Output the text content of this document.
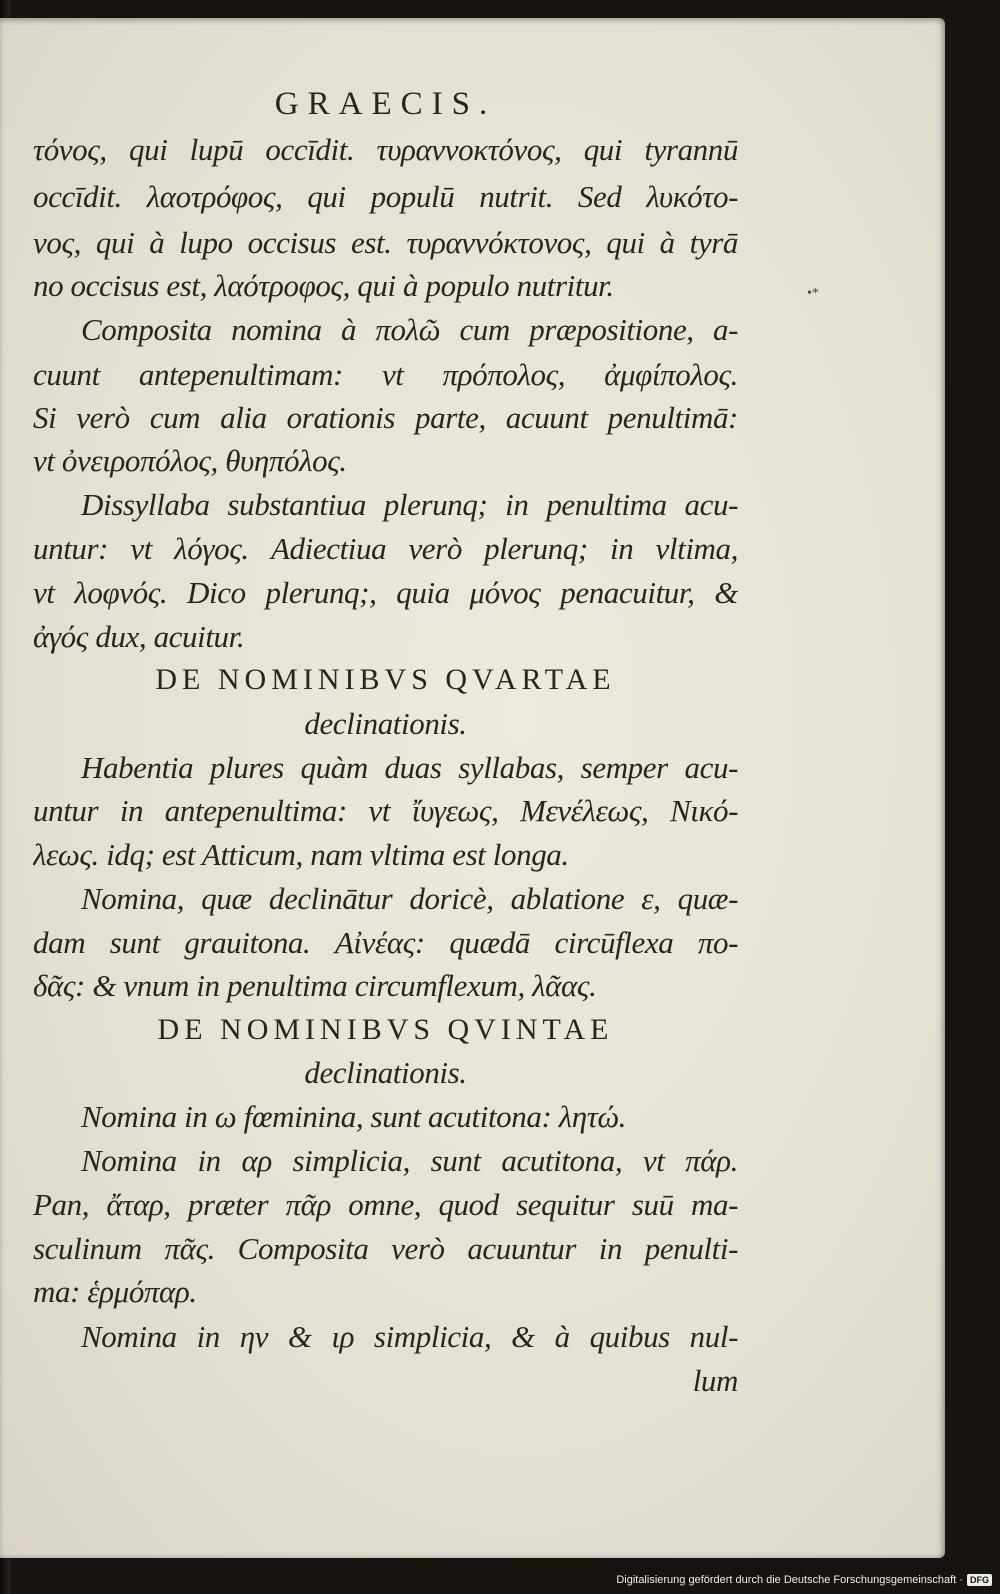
GRAECIS.
τόνος, qui lupū occīdit. τυραννοκτόνος, qui tyrannū
occīdit. λαοτρόφος, qui populū nutrit. Sed λυκότο-
νος, qui à lupo occisus est. τυραννόκτονος, qui à tyrā
no occisus est, λαότροφος, qui à populo nutritur.
Composita nomina à πολῶ cum præpositione, a-
cuunt antepenultimam: vt πρόπολος, ἀμφίπολος.
Si verò cum alia orationis parte, acuunt penultimā:
vt ὀνειροπόλος, θυηπόλος.
Dissyllaba substantiua plerunq; in penultima acu-
untur: vt λόγος. Adiectiua verò plerunq; in vltima,
vt λοφνός. Dico plerunq;, quia μόνος penacuitur, &
ἀγός dux, acuitur.
DE NOMINIBVS QVARTAE
declinationis.
Habentia plures quàm duas syllabas, semper acu-
untur in antepenultima: vt ἴυγεως, Μενέλεως, Νικό-
λεως. idq; est Atticum, nam vltima est longa.
Nomina, quæ declinātur doricè, ablatione ε, quæ-
dam sunt grauitona. Αἰνέας: quædā circūflexa πο-
δᾶς: & vnum in penultima circumflexum, λᾶας.
DE NOMINIBVS QVINTAE
declinationis.
Nomina in ω fœminina, sunt acutitona: λητώ.
Nomina in αρ simplicia, sunt acutitona, vt πάρ.
Pan, ἄταρ, præter πᾶρ omne, quod sequitur suū ma-
sculinum πᾶς. Composita verò acuuntur in penulti-
ma: ἑρμόπαρ.
Nomina in ην & ιρ simplicia, & à quibus nul-
lum
•*
Digitalisierung gefördert durch die Deutsche Forschungsgemeinschaft · DFG
